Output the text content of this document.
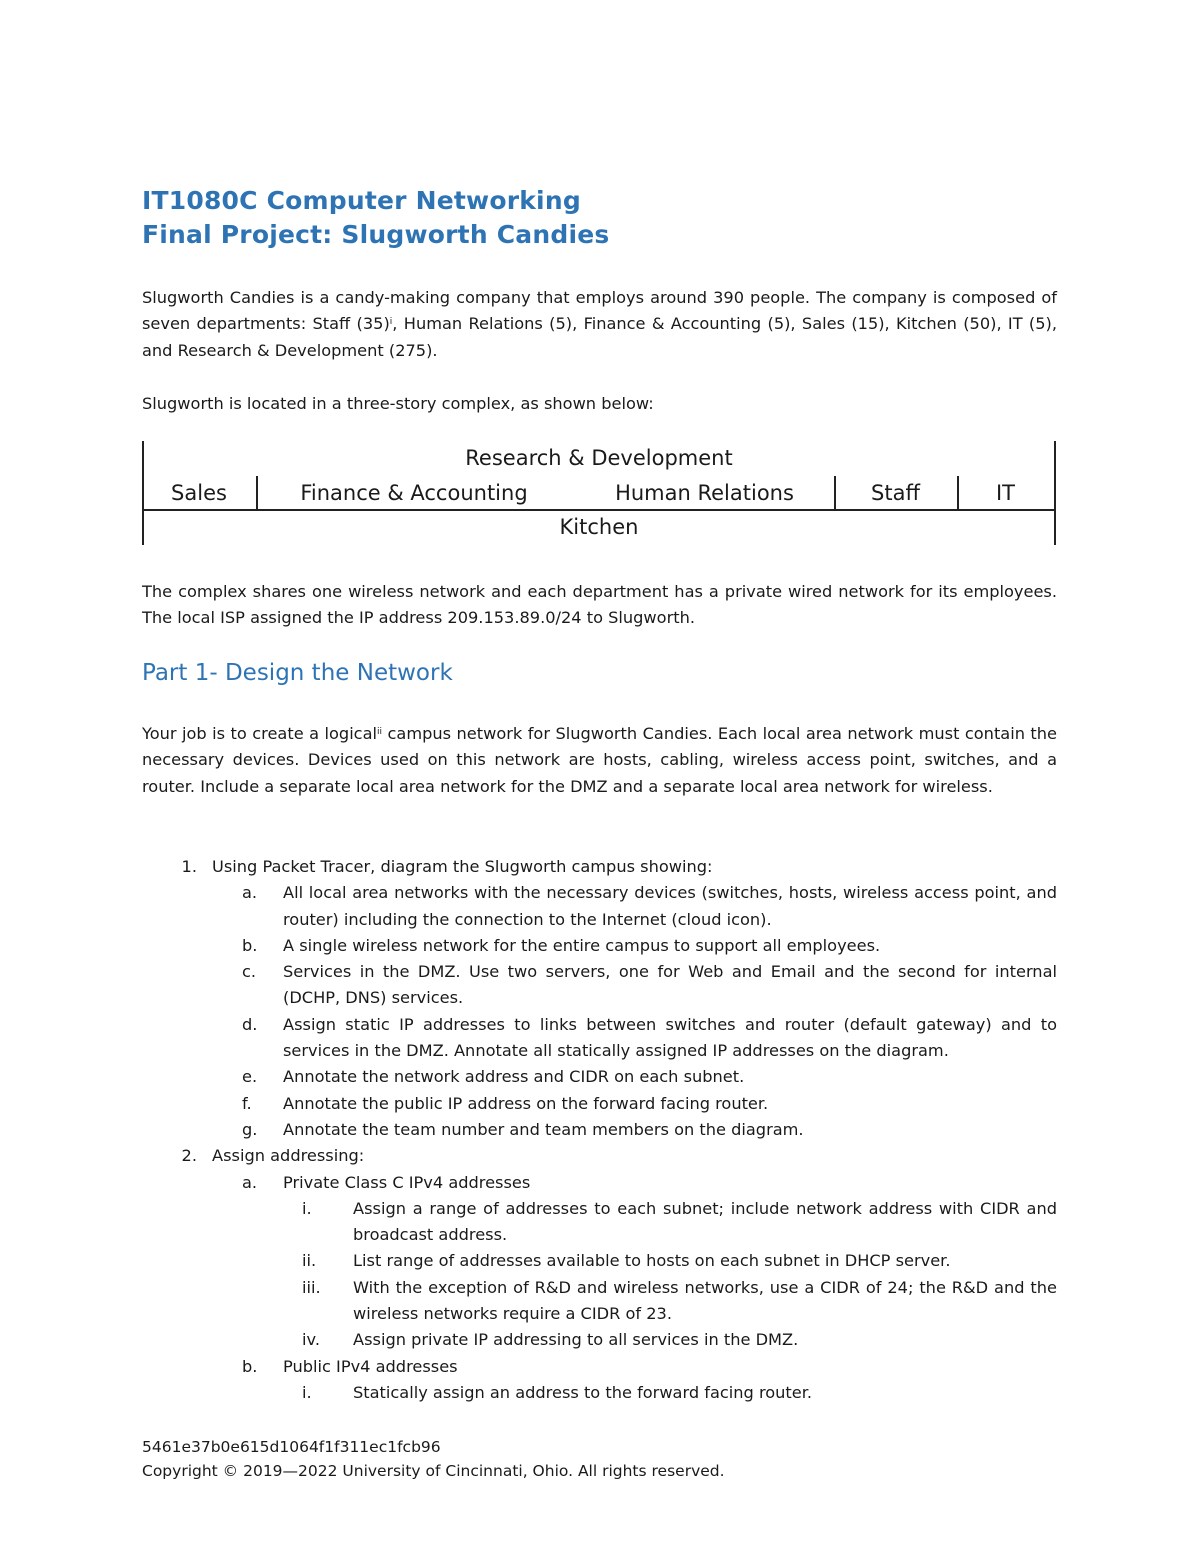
IT1080C Computer Networking
Final Project: Slugworth Candies
Slugworth Candies is a candy-making company that employs around 390 people. The company is composed of seven departments: Staff $(35)^i$, Human Relations (5), Finance & Accounting (5), Sales (15), Kitchen (50), IT (5), and Research & Development (275).
Slugworth is located in a three-story complex, as shown below:
Research & Development
Sales	Finance & Accounting	Human Relations	Staff	IT
Kitchen
The complex shares one wireless network and each department has a private wired network for its employees. The local ISP assigned the IP address 209.153.89.0/24 to Slugworth.
Part 1- Design the Network
Your job is to create a logical$^{ii}$ campus network for Slugworth Candies. Each local area network must contain the necessary devices. Devices used on this network are hosts, cabling, wireless access point, switches, and a router. Include a separate local area network for the DMZ and a separate local area network for wireless.
1. Using Packet Tracer, diagram the Slugworth campus showing:
a.	All local area networks with the necessary devices (switches, hosts, wireless access point, and router) including the connection to the Internet (cloud icon).
b.	A single wireless network for the entire campus to support all employees.
c.	Services in the DMZ. Use two servers, one for Web and Email and the second for internal (DCHP, DNS) services.
d.	Assign static IP addresses to links between switches and router (default gateway) and to services in the DMZ. Annotate all statically assigned IP addresses on the diagram.
e.	Annotate the network address and CIDR on each subnet.
f.	Annotate the public IP address on the forward facing router.
g.	Annotate the team number and team members on the diagram.
2. Assign addressing:
a.	Private Class C IPv4 addresses
i.	Assign a range of addresses to each subnet; include network address with CIDR and broadcast address.
ii.	List range of addresses available to hosts on each subnet in DHCP server.
iii.	With the exception of R&D and wireless networks, use a CIDR of 24; the R&D and the wireless networks require a CIDR of 23.
iv.	Assign private IP addressing to all services in the DMZ.
b.	Public IPv4 addresses
i.	Statically assign an address to the forward facing router.
5461e37b0e615d1064f1f311ec1fcb96
Copyright © 2019—2022 University of Cincinnati, Ohio. All rights reserved.
